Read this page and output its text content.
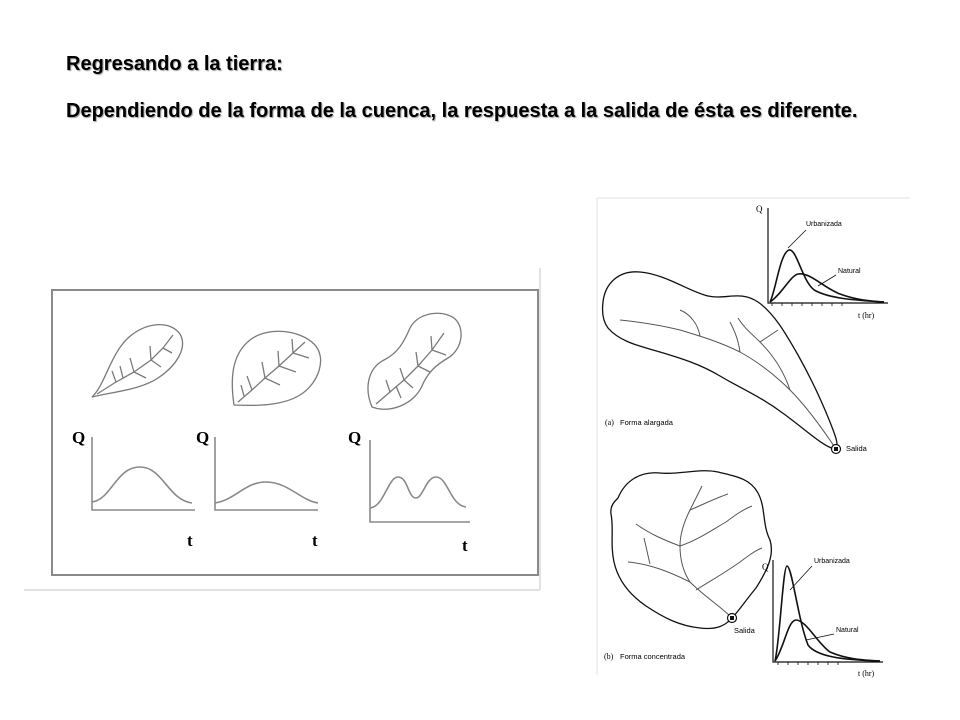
Regresando a la tierra:

Dependiendo de la forma de la cuenca, la respuesta a la salida de ésta es diferente.

Q
t
Q
t
Q
t
Salida
(a) Forma alargada
Q
Urbanizada
Natural
t (hr)
Salida
(b) Forma concentrada
Q
Urbanizada
Natural
t (hr)
